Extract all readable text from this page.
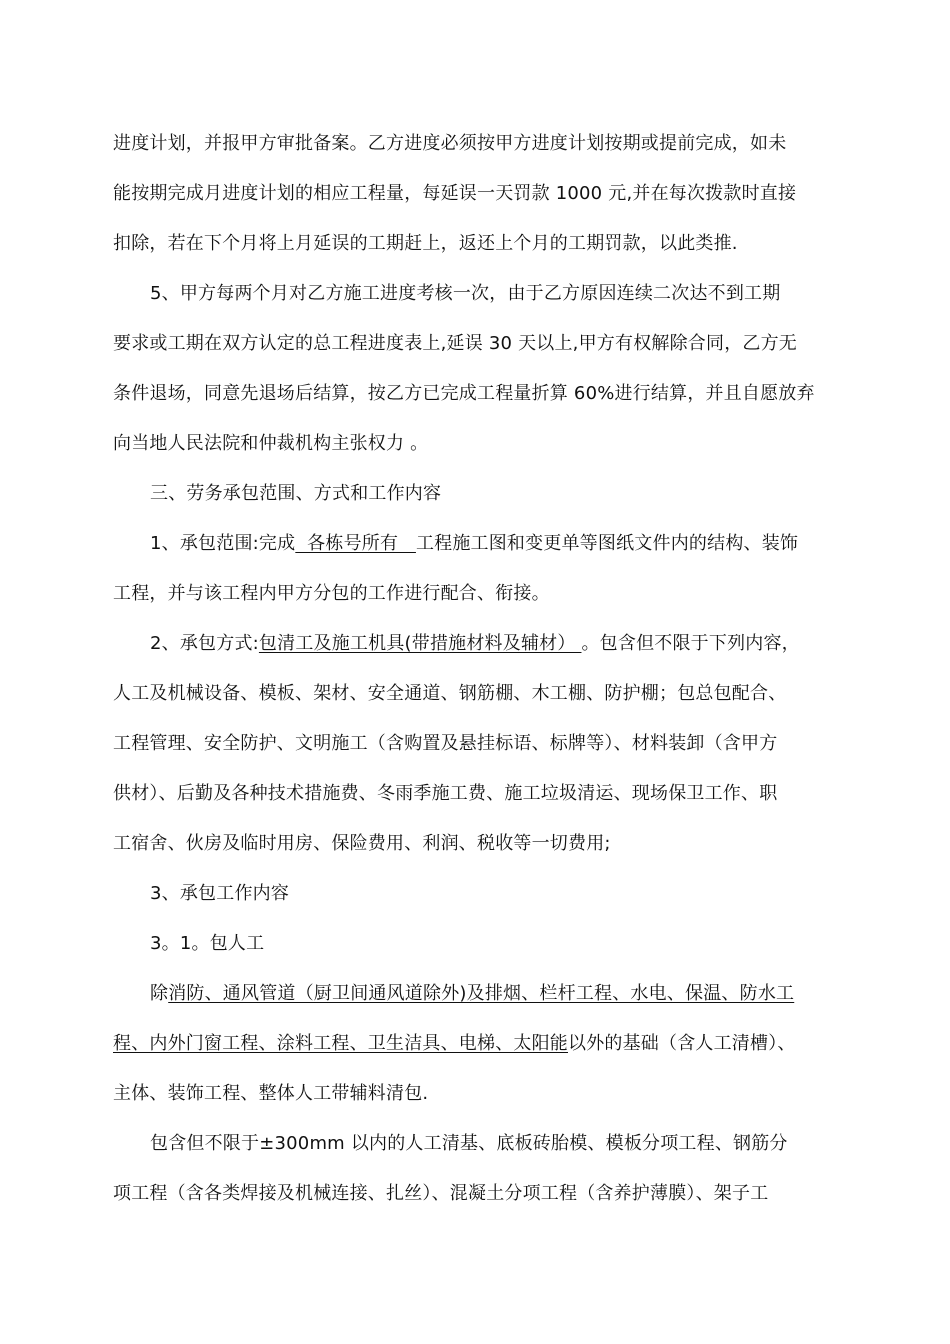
进度计划，并报甲方审批备案。乙方进度必须按甲方进度计划按期或提前完成，如未
能按期完成月进度计划的相应工程量，每延误一天罚款 1000 元,并在每次拨款时直接
扣除，若在下个月将上月延误的工期赶上，返还上个月的工期罚款，以此类推.
5、甲方每两个月对乙方施工进度考核一次，由于乙方原因连续二次达不到工期
要求或工期在双方认定的总工程进度表上,延误 30 天以上,甲方有权解除合同，乙方无
条件退场，同意先退场后结算，按乙方已完成工程量折算 60%进行结算，并且自愿放弃
向当地人民法院和仲裁机构主张权力 。
三、劳务承包范围、方式和工作内容
1、承包范围:完成  各栋号所有   工程施工图和变更单等图纸文件内的结构、装饰
工程，并与该工程内甲方分包的工作进行配合、衔接。
2、承包方式:包清工及施工机具(带措施材料及辅材） 。包含但不限于下列内容，
人工及机械设备、模板、架材、安全通道、钢筋棚、木工棚、防护棚；包总包配合、
工程管理、安全防护、文明施工（含购置及悬挂标语、标牌等）、材料装卸（含甲方
供材）、后勤及各种技术措施费、冬雨季施工费、施工垃圾清运、现场保卫工作、职
工宿舍、伙房及临时用房、保险费用、利润、税收等一切费用;
3、承包工作内容
3。1。包人工
除消防、通风管道（厨卫间通风道除外)及排烟、栏杆工程、水电、保温、防水工
程、内外门窗工程、涂料工程、卫生洁具、电梯、太阳能以外的基础（含人工清槽）、
主体、装饰工程、整体人工带辅料清包.
包含但不限于±300mm 以内的人工清基、底板砖胎模、模板分项工程、钢筋分
项工程（含各类焊接及机械连接、扎丝）、混凝土分项工程（含养护薄膜）、架子工
